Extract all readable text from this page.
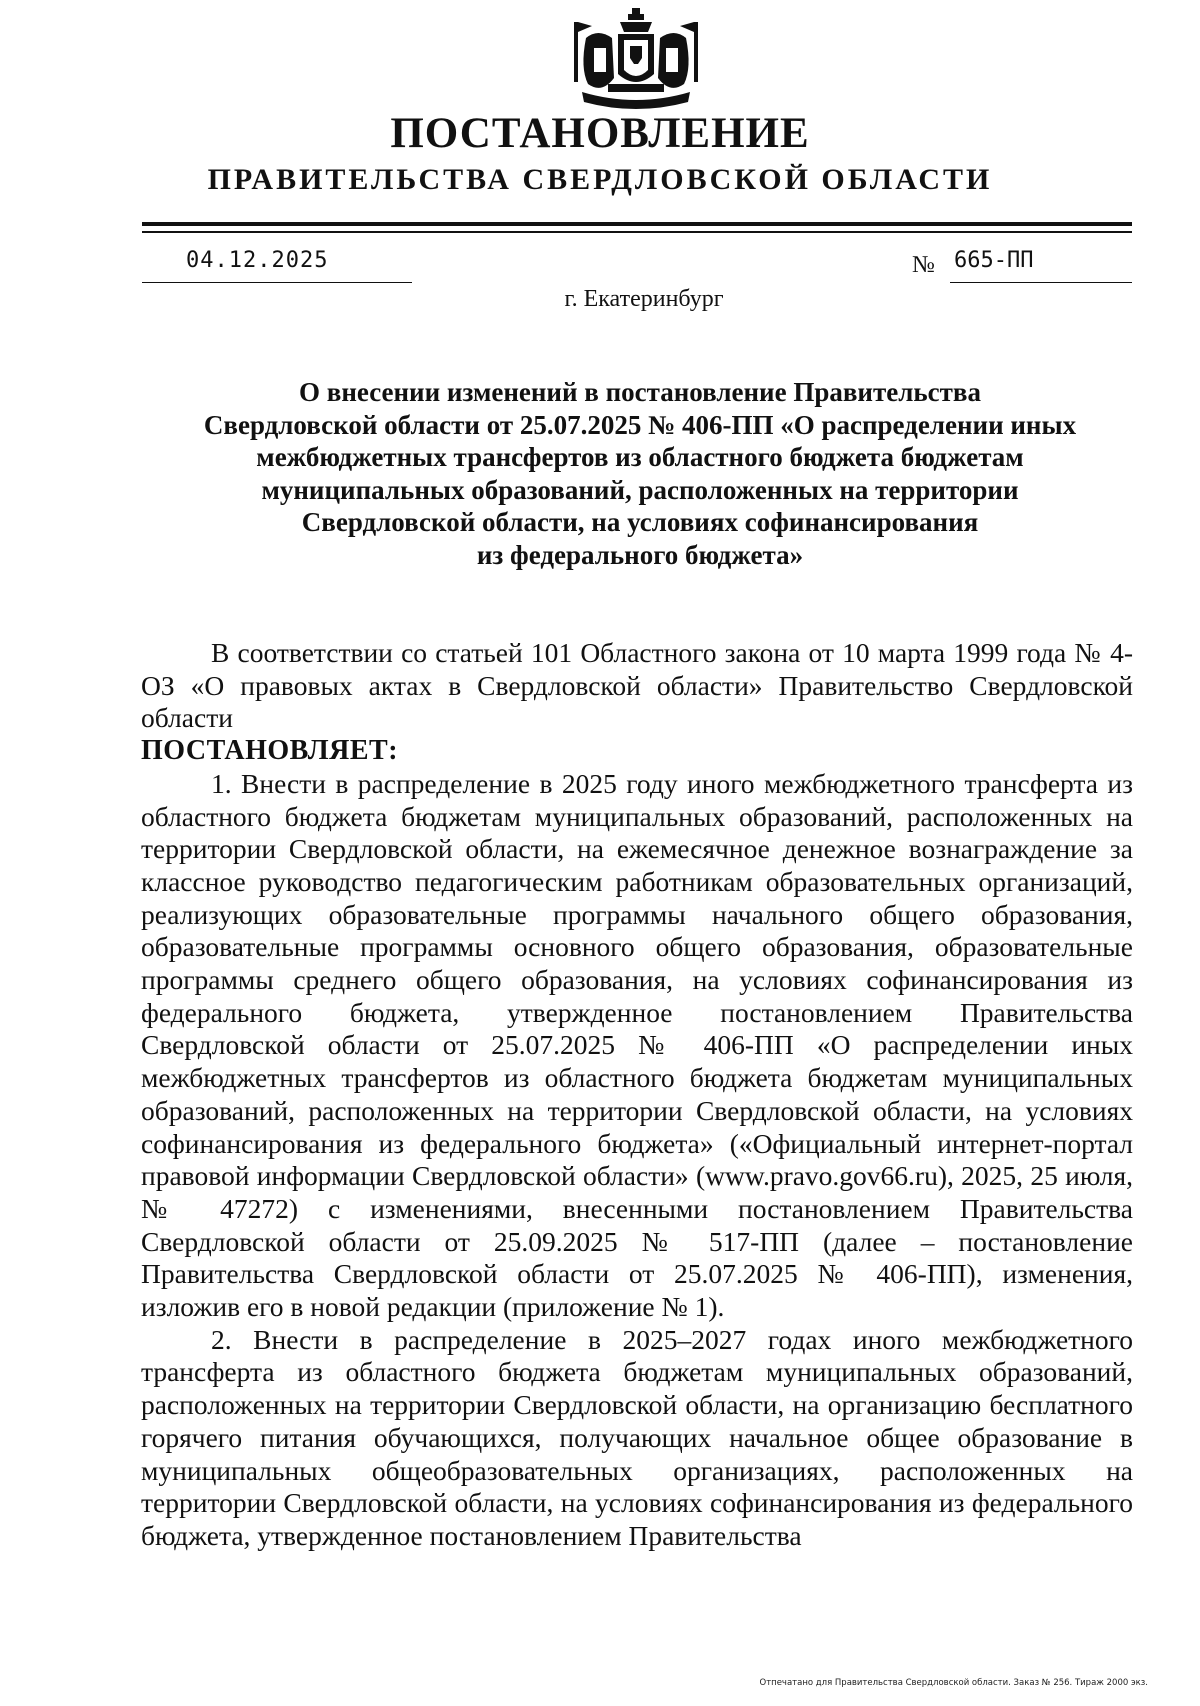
ПОСТАНОВЛЕНИЕ
ПРАВИТЕЛЬСТВА СВЕРДЛОВСКОЙ ОБЛАСТИ
04.12.2025	№ 665-ПП
г. Екатеринбург
О внесении изменений в постановление Правительства
Свердловской области от 25.07.2025 № 406-ПП «О распределении иных
межбюджетных трансфертов из областного бюджета бюджетам
муниципальных образований, расположенных на территории
Свердловской области, на условиях софинансирования
из федерального бюджета»

В соответствии со статьей 101 Областного закона от 10 марта 1999 года № 4-ОЗ «О правовых актах в Свердловской области» Правительство Свердловской области

ПОСТАНОВЛЯЕТ:

1. Внести в распределение в 2025 году иного межбюджетного трансферта из областного бюджета бюджетам муниципальных образований, расположенных на территории Свердловской области, на ежемесячное денежное вознаграждение за классное руководство педагогическим работникам образовательных организаций, реализующих образовательные программы начального общего образования, образовательные программы основного общего образования, образовательные программы среднего общего образования, на условиях софинансирования из федерального бюджета, утвержденное постановлением Правительства Свердловской области от 25.07.2025 № 406-ПП «О распределении иных межбюджетных трансфертов из областного бюджета бюджетам муниципальных образований, расположенных на территории Свердловской области, на условиях софинансирования из федерального бюджета» («Официальный интернет-портал правовой информации Свердловской области» (www.pravo.gov66.ru), 2025, 25 июля, № 47272) с изменениями, внесенными постановлением Правительства Свердловской области от 25.09.2025 № 517-ПП (далее – постановление Правительства Свердловской области от 25.07.2025 № 406-ПП), изменения, изложив его в новой редакции (приложение № 1).

2. Внести в распределение в 2025–2027 годах иного межбюджетного трансферта из областного бюджета бюджетам муниципальных образований, расположенных на территории Свердловской области, на организацию бесплатного горячего питания обучающихся, получающих начальное общее образование в муниципальных общеобразовательных организациях, расположенных на территории Свердловской области, на условиях софинансирования из федерального бюджета, утвержденное постановлением Правительства

Отпечатано для Правительства Свердловской области. Заказ № 256. Тираж 2000 экз.
